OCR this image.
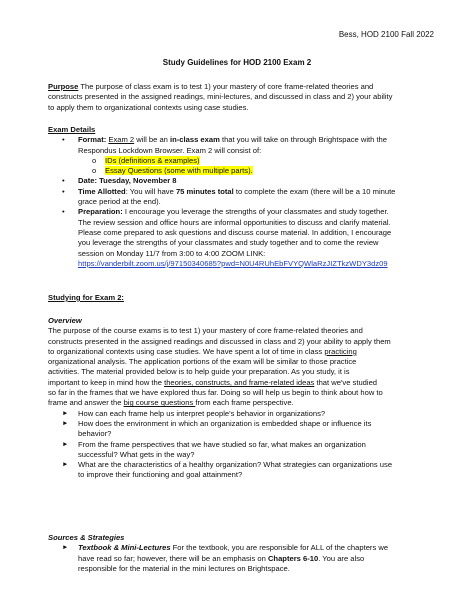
Bess, HOD 2100 Fall 2022
Study Guidelines for HOD 2100 Exam 2
Purpose The purpose of class exam is to test 1) your mastery of core frame-related theories and
constructs presented in the assigned readings, mini-lectures, and discussed in class and 2) your ability
to apply them to organizational contexts using case studies.
Exam Details
• Format: Exam 2 will be an in-class exam that you will take on through Brightspace with the
Respondus Lockdown Browser. Exam 2 will consist of:
o IDs (definitions & examples)
o Essay Questions (some with multiple parts).
• Date: Tuesday, November 8
• Time Allotted: You will have 75 minutes total to complete the exam (there will be a 10 minute
grace period at the end).
• Preparation: I encourage you leverage the strengths of your classmates and study together.
The review session and office hours are informal opportunities to discuss and clarify material.
Please come prepared to ask questions and discuss course material. In addition, I encourage
you leverage the strengths of your classmates and study together and to come the review
session on Monday 11/7 from 3:00 to 4:00 ZOOM LINK:
https://vanderbilt.zoom.us/j/97150340685?pwd=N0U4RUhEbFVYQWlaRzJIZTkzWDY3dz09
Studying for Exam 2:
Overview
The purpose of the course exams is to test 1) your mastery of core frame-related theories and
constructs presented in the assigned readings and discussed in class and 2) your ability to apply them
to organizational contexts using case studies. We have spent a lot of time in class practicing
organizational analysis. The application portions of the exam will be similar to those practice
activities. The material provided below is to help guide your preparation. As you study, it is
important to keep in mind how the theories, constructs, and frame-related ideas that we've studied
so far in the frames that we have explored thus far. Doing so will help us begin to think about how to
frame and answer the big course questions from each frame perspective.
► How can each frame help us interpret people's behavior in organizations?
► How does the environment in which an organization is embedded shape or influence its
behavior?
► From the frame perspectives that we have studied so far, what makes an organization
successful? What gets in the way?
► What are the characteristics of a healthy organization? What strategies can organizations use
to improve their functioning and goal attainment?
Sources & Strategies
► Textbook & Mini-Lectures For the textbook, you are responsible for ALL of the chapters we
have read so far; however, there will be an emphasis on Chapters 6-10. You are also
responsible for the material in the mini lectures on Brightspace.
